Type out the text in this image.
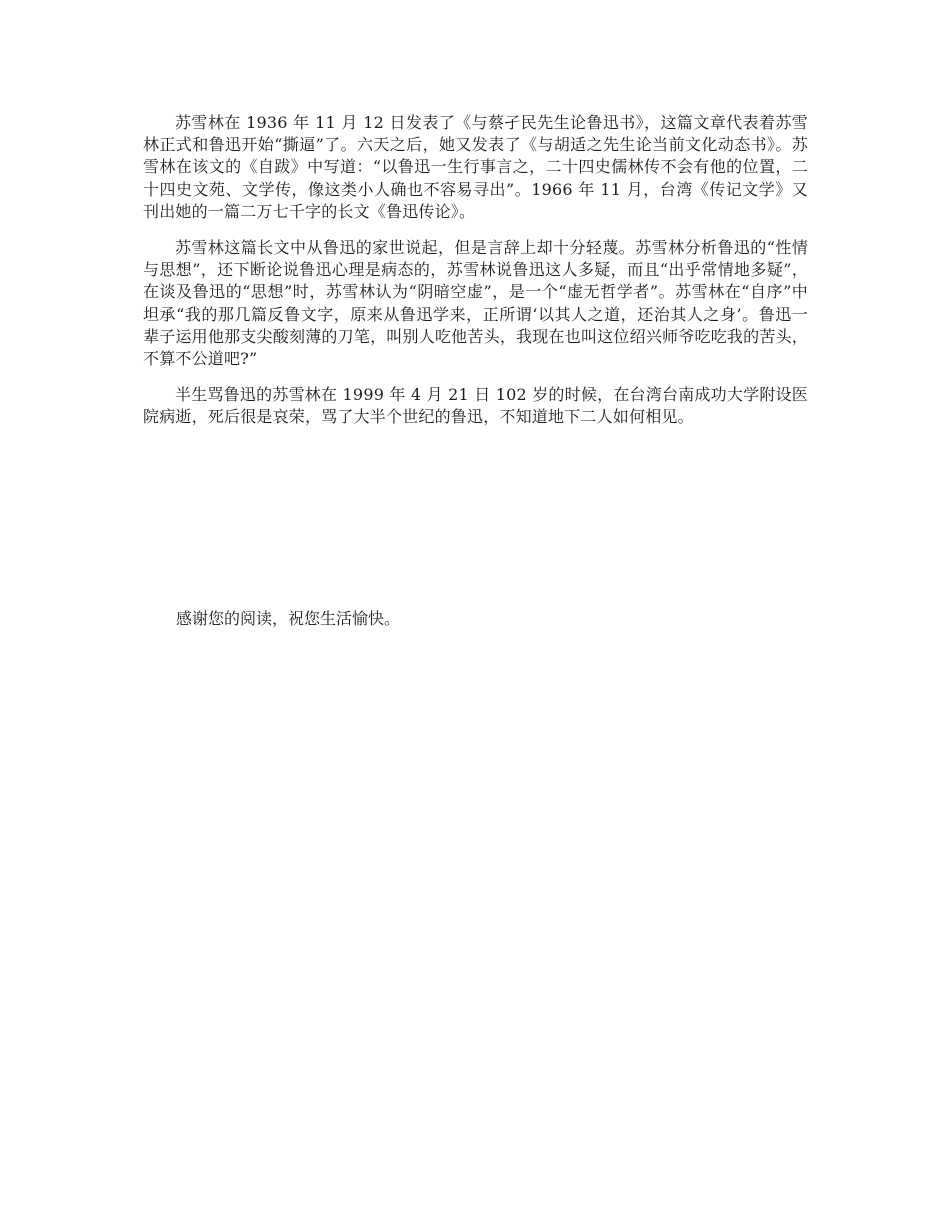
苏雪林在 1936 年 11 月 12 日发表了《与蔡孑民先生论鲁迅书》，这篇文章代表着苏雪林正式和鲁迅开始“撕逼”了。六天之后，她又发表了《与胡适之先生论当前文化动态书》。苏雪林在该文的《自跋》中写道：“以鲁迅一生行事言之，二十四史儒林传不会有他的位置，二十四史文苑、文学传，像这类小人确也不容易寻出”。1966 年 11 月，台湾《传记文学》又刊出她的一篇二万七千字的长文《鲁迅传论》。

苏雪林这篇长文中从鲁迅的家世说起，但是言辞上却十分轻蔑。苏雪林分析鲁迅的“性情与思想”，还下断论说鲁迅心理是病态的，苏雪林说鲁迅这人多疑，而且“出乎常情地多疑”，在谈及鲁迅的“思想”时，苏雪林认为“阴暗空虚”，是一个“虚无哲学者”。苏雪林在“自序”中坦承“我的那几篇反鲁文字，原来从鲁迅学来，正所谓‘以其人之道，还治其人之身’。鲁迅一辈子运用他那支尖酸刻薄的刀笔，叫别人吃他苦头，我现在也叫这位绍兴师爷吃吃我的苦头，不算不公道吧?”

半生骂鲁迅的苏雪林在 1999 年 4 月 21 日 102 岁的时候，在台湾台南成功大学附设医院病逝，死后很是哀荣，骂了大半个世纪的鲁迅，不知道地下二人如何相见。

感谢您的阅读，祝您生活愉快。
